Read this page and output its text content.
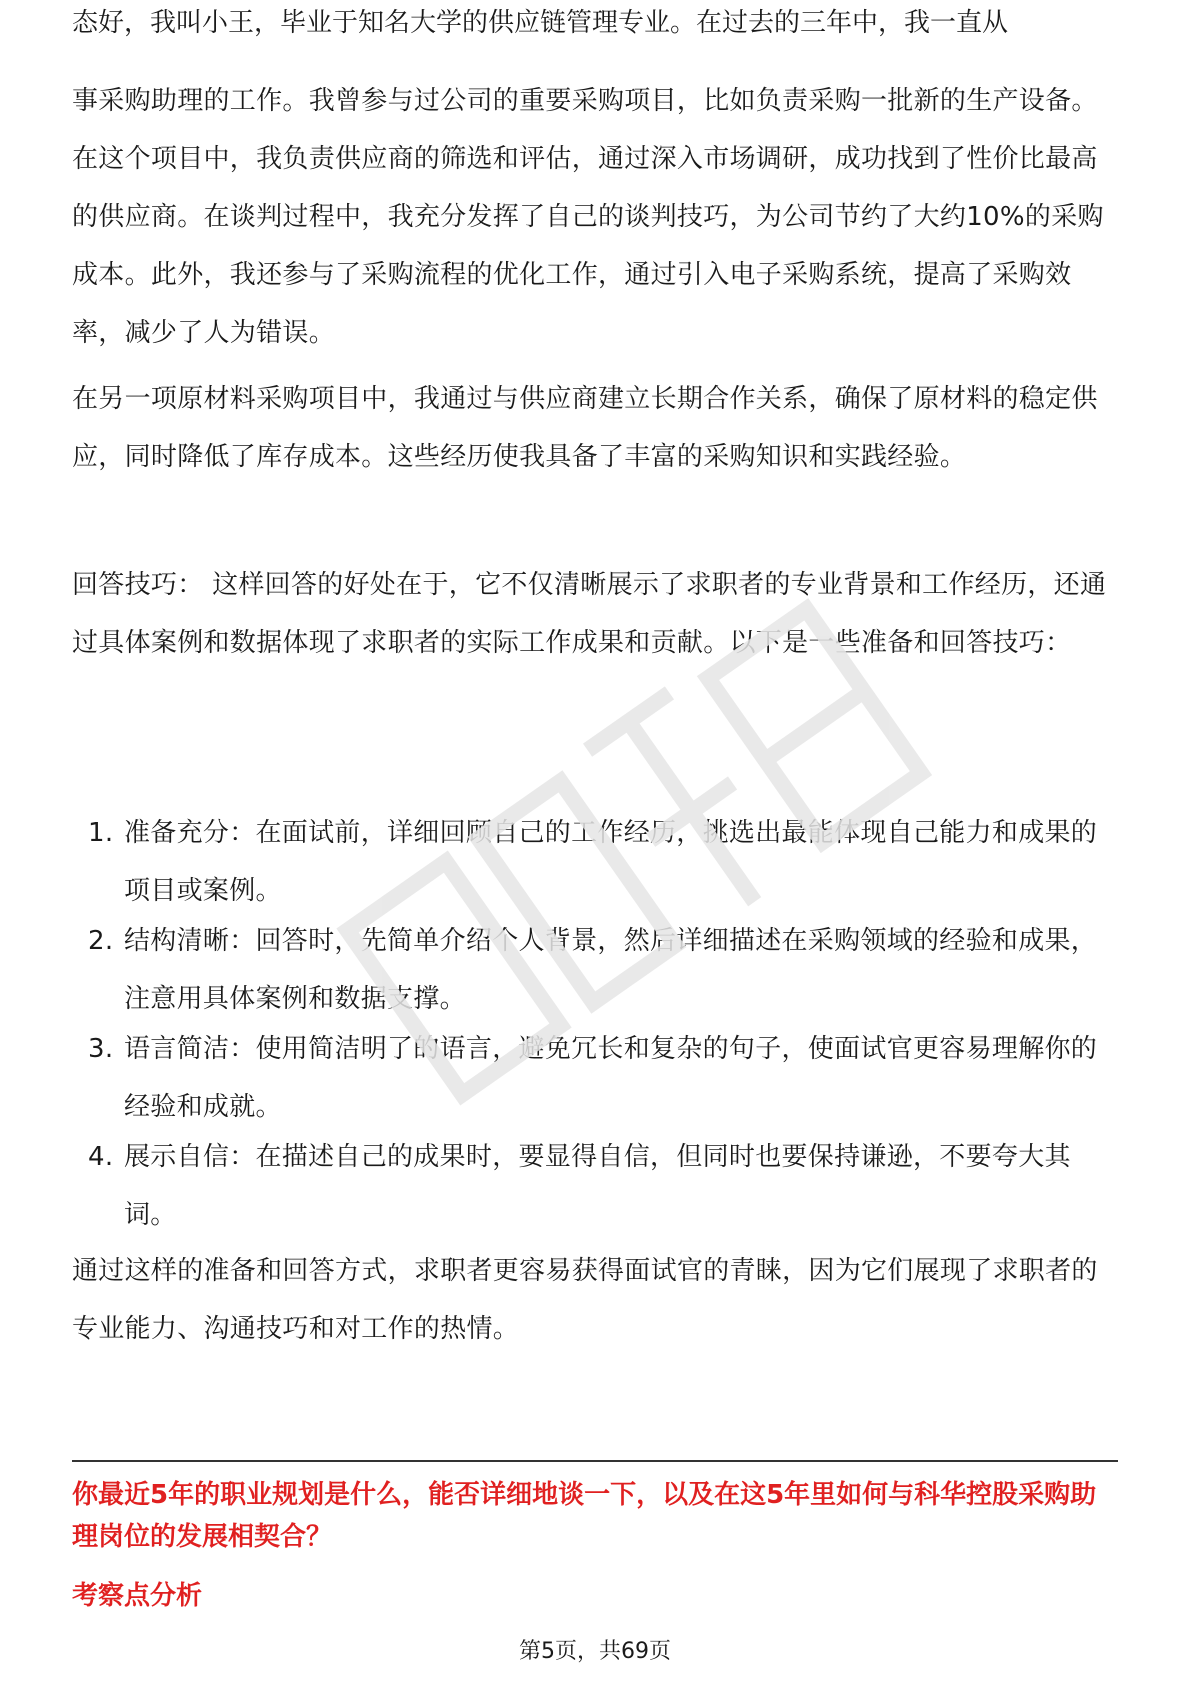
态好，我叫小王，毕业于知名大学的供应链管理专业。在过去的三年中，我一直从

事采购助理的工作。我曾参与过公司的重要采购项目，比如负责采购一批新的生产设备。在这个项目中，我负责供应商的筛选和评估，通过深入市场调研，成功找到了性价比最高的供应商。在谈判过程中，我充分发挥了自己的谈判技巧，为公司节约了大约10%的采购成本。此外，我还参与了采购流程的优化工作，通过引入电子采购系统，提高了采购效率，减少了人为错误。

在另一项原材料采购项目中，我通过与供应商建立长期合作关系，确保了原材料的稳定供应，同时降低了库存成本。这些经历使我具备了丰富的采购知识和实践经验。

回答技巧： 这样回答的好处在于，它不仅清晰展示了求职者的专业背景和工作经历，还通过具体案例和数据体现了求职者的实际工作成果和贡献。以下是一些准备和回答技巧：

1. 准备充分：在面试前，详细回顾自己的工作经历，挑选出最能体现自己能力和成果的项目或案例。
2. 结构清晰：回答时，先简单介绍个人背景，然后详细描述在采购领域的经验和成果，注意用具体案例和数据支撑。
3. 语言简洁：使用简洁明了的语言，避免冗长和复杂的句子，使面试官更容易理解你的经验和成就。
4. 展示自信：在描述自己的成果时，要显得自信，但同时也要保持谦逊，不要夸大其词。

通过这样的准备和回答方式，求职者更容易获得面试官的青睐，因为它们展现了求职者的专业能力、沟通技巧和对工作的热情。

你最近5年的职业规划是什么，能否详细地谈一下，以及在这5年里如何与科华控股采购助理岗位的发展相契合？

考察点分析

第5页，共69页
